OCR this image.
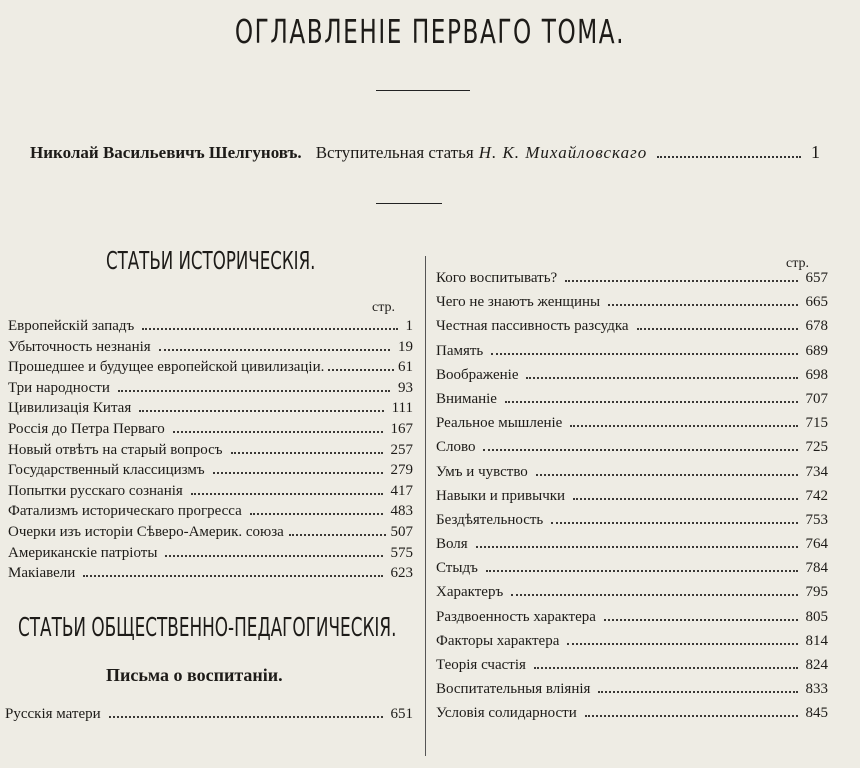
ОГЛАВЛЕНІЕ ПЕРВАГО ТОМА.
Николай Васильевичъ Шелгуновъ. Вступительная статья Н. К. Михайловскаго	1
СТАТЬИ ИСТОРИЧЕСКІЯ.
стр.
Европейскій западъ	1
Убыточность незнанія	19
Прошедшее и будущее европейской цивилизаціи.	61
Три народности	93
Цивилизація Китая	111
Россія до Петра Перваго	167
Новый отвѣтъ на старый вопросъ	257
Государственный классицизмъ	279
Попытки русскаго сознанія	417
Фатализмъ историческаго прогресса	483
Очерки изъ исторіи Сѣверо-Америк. союза	507
Американскіе патріоты	575
Макіавели	623
СТАТЬИ ОБЩЕСТВЕННО-ПЕДАГОГИЧЕСКІЯ.
Письма о воспитаніи.
Русскія матери	651
стр.
Кого воспитывать?	657
Чего не знаютъ женщины	665
Честная пассивность разсудка	678
Память	689
Воображеніе	698
Вниманіе	707
Реальное мышленіе	715
Слово	725
Умъ и чувство	734
Навыки и привычки	742
Бездѣятельность	753
Воля	764
Стыдъ	784
Характеръ	795
Раздвоенность характера	805
Факторы характера	814
Теорія счастія	824
Воспитательныя вліянія	833
Условія солидарности	845
